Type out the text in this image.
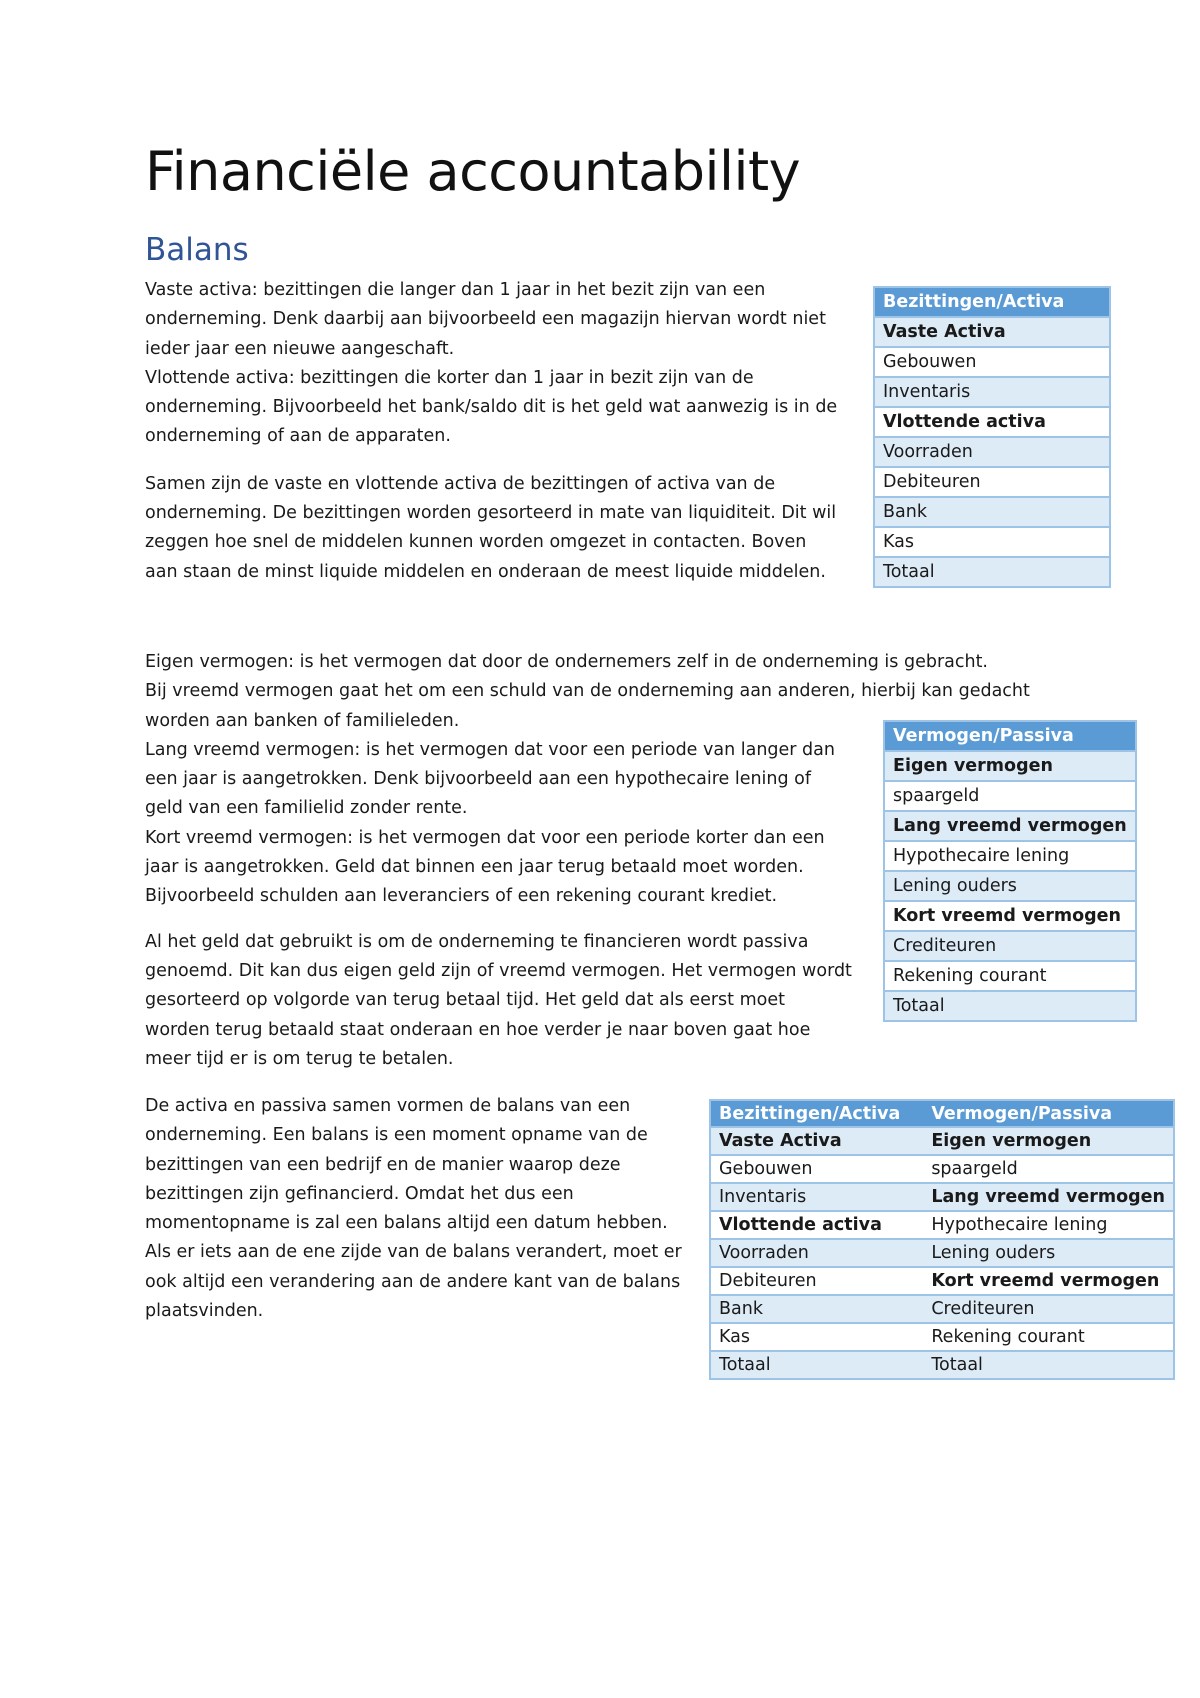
Financiële accountability
Balans

Vaste activa: bezittingen die langer dan 1 jaar in het bezit zijn van een

onderneming. Denk daarbij aan bijvoorbeeld een magazijn hiervan wordt niet

ieder jaar een nieuwe aangeschaft.

Vlottende activa: bezittingen die korter dan 1 jaar in bezit zijn van de

onderneming. Bijvoorbeeld het bank/saldo dit is het geld wat aanwezig is in de

onderneming of aan de apparaten.

Samen zijn de vaste en vlottende activa de bezittingen of activa van de

onderneming. De bezittingen worden gesorteerd in mate van liquiditeit. Dit wil

zeggen hoe snel de middelen kunnen worden omgezet in contacten. Boven

aan staan de minst liquide middelen en onderaan de meest liquide middelen.

Bezittingen/Activa
Vaste Activa
Gebouwen
Inventaris
Vlottende activa
Voorraden
Debiteuren
Bank
Kas
Totaal

Eigen vermogen: is het vermogen dat door de ondernemers zelf in de onderneming is gebracht.

Bij vreemd vermogen gaat het om een schuld van de onderneming aan anderen, hierbij kan gedacht

worden aan banken of familieleden.

Lang vreemd vermogen: is het vermogen dat voor een periode van langer dan

een jaar is aangetrokken. Denk bijvoorbeeld aan een hypothecaire lening of

geld van een familielid zonder rente.

Kort vreemd vermogen: is het vermogen dat voor een periode korter dan een

jaar is aangetrokken. Geld dat binnen een jaar terug betaald moet worden.

Bijvoorbeeld schulden aan leveranciers of een rekening courant krediet.

Al het geld dat gebruikt is om de onderneming te financieren wordt passiva

genoemd. Dit kan dus eigen geld zijn of vreemd vermogen. Het vermogen wordt

gesorteerd op volgorde van terug betaal tijd. Het geld dat als eerst moet

worden terug betaald staat onderaan en hoe verder je naar boven gaat hoe

meer tijd er is om terug te betalen.

Vermogen/Passiva
Eigen vermogen
spaargeld
Lang vreemd vermogen
Hypothecaire lening
Lening ouders
Kort vreemd vermogen
Crediteuren
Rekening courant
Totaal

De activa en passiva samen vormen de balans van een

onderneming. Een balans is een moment opname van de

bezittingen van een bedrijf en de manier waarop deze

bezittingen zijn gefinancierd. Omdat het dus een

momentopname is zal een balans altijd een datum hebben.

Als er iets aan de ene zijde van de balans verandert, moet er

ook altijd een verandering aan de andere kant van de balans

plaatsvinden.

Bezittingen/Activa	Vermogen/Passiva
Vaste Activa	Eigen vermogen
Gebouwen	spaargeld
Inventaris	Lang vreemd vermogen
Vlottende activa	Hypothecaire lening
Voorraden	Lening ouders
Debiteuren	Kort vreemd vermogen
Bank	Crediteuren
Kas	Rekening courant
Totaal	Totaal
